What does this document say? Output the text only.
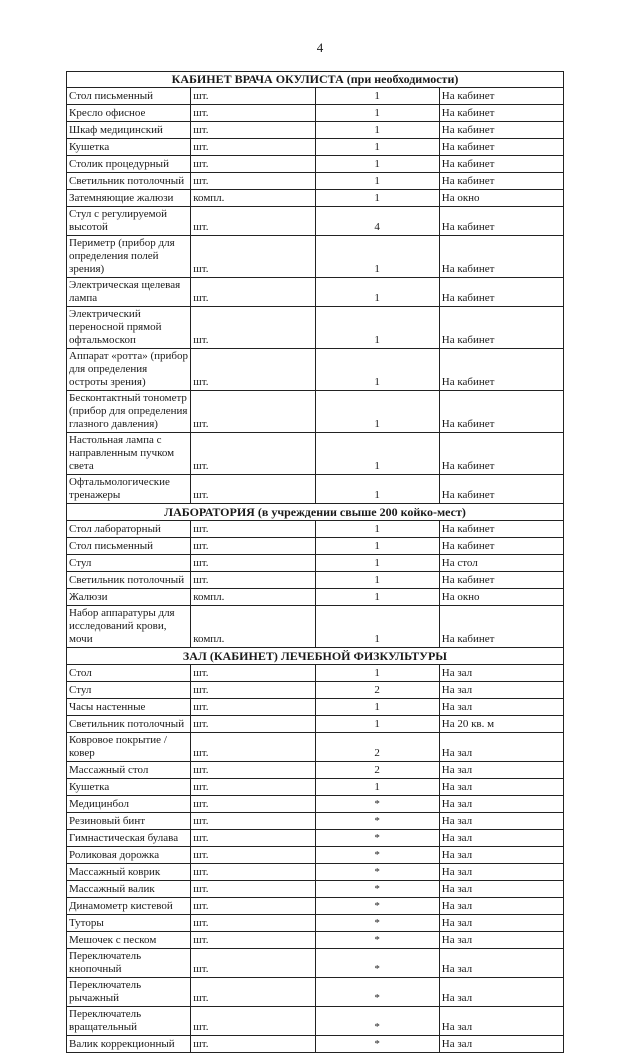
4
КАБИНЕТ ВРАЧА ОКУЛИСТА (при необходимости)			
Стол письменный	шт.	1	На кабинет
Кресло офисное	шт.	1	На кабинет
Шкаф медицинский	шт.	1	На кабинет
Кушетка	шт.	1	На кабинет
Столик процедурный	шт.	1	На кабинет
Светильник потолочный	шт.	1	На кабинет
Затемняющие жалюзи	компл.	1	На окно
Стул с регулируемой высотой	шт.	4	На кабинет
Периметр (прибор для определения полей зрения)	шт.	1	На кабинет
Электрическая щелевая лампа	шт.	1	На кабинет
Электрический переносной прямой офтальмоскоп	шт.	1	На кабинет
Аппарат «ротта» (прибор для определения остроты зрения)	шт.	1	На кабинет
Бесконтактный тонометр (прибор для определения глазного давления)	шт.	1	На кабинет
Настольная лампа с направленным пучком света	шт.	1	На кабинет
Офтальмологические тренажеры	шт.	1	На кабинет
ЛАБОРАТОРИЯ (в учреждении свыше 200 койко-мест)			
Стол лабораторный	шт.	1	На кабинет
Стол письменный	шт.	1	На кабинет
Стул	шт.	1	На стол
Светильник потолочный	шт.	1	На кабинет
Жалюзи	компл.	1	На окно
Набор аппаратуры для исследований крови, мочи	компл.	1	На кабинет
ЗАЛ (КАБИНЕТ) ЛЕЧЕБНОЙ ФИЗКУЛЬТУРЫ			
Стол	шт.	1	На зал
Стул	шт.	2	На зал
Часы настенные	шт.	1	На зал
Светильник потолочный	шт.	1	На 20 кв. м
Ковровое покрытие / ковер	шт.	2	На зал
Массажный стол	шт.	2	На зал
Кушетка	шт.	1	На зал
Медицинбол	шт.	*	На зал
Резиновый бинт	шт.	*	На зал
Гимнастическая булава	шт.	*	На зал
Роликовая дорожка	шт.	*	На зал
Массажный коврик	шт.	*	На зал
Массажный валик	шт.	*	На зал
Динамометр кистевой	шт.	*	На зал
Туторы	шт.	*	На зал
Мешочек с песком	шт.	*	На зал
Переключатель кнопочный	шт.	*	На зал
Переключатель рычажный	шт.	*	На зал
Переключатель вращательный	шт.	*	На зал
Валик коррекционный	шт.	*	На зал
